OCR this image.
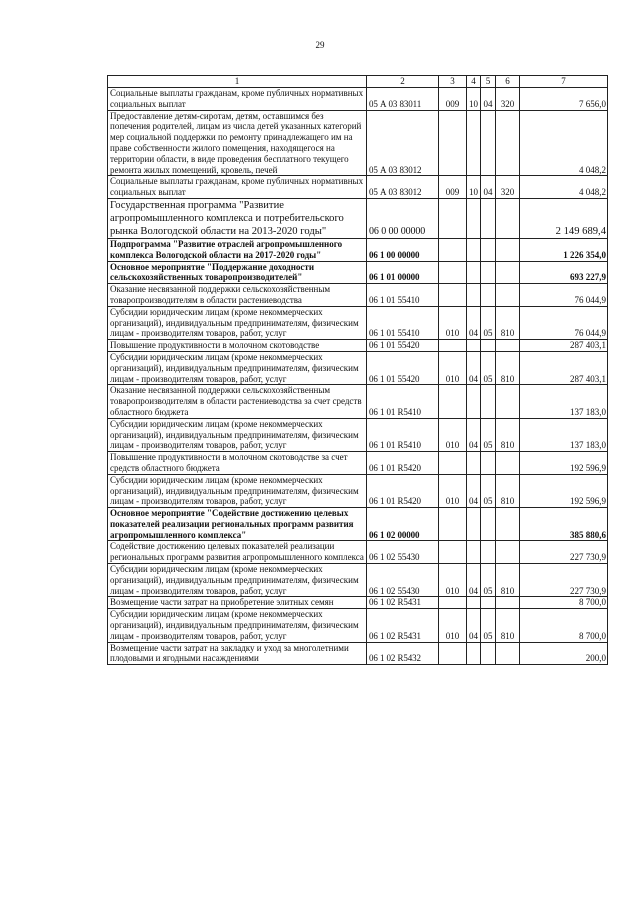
29
1	2	3	4	5	6	7
Социальные выплаты гражданам, кроме публичных нормативных социальных выплат	05 А 03 83011	009	10	04	320	7 656,0
Предоставление детям-сиротам, детям, оставшимся без попечения родителей, лицам из числа детей указанных категорий мер социальной поддержки по ремонту принадлежащего им на праве собственности жилого помещения, находящегося на территории области, в виде проведения бесплатного текущего ремонта жилых помещений, кровель, печей	05 А 03 83012					4 048,2
Социальные выплаты гражданам, кроме публичных нормативных социальных выплат	05 А 03 83012	009	10	04	320	4 048,2
Государственная программа "Развитие агропромышленного комплекса и потребительского рынка Вологодской области на 2013-2020 годы"	06 0 00 00000					2 149 689,4
Подпрограмма "Развитие отраслей агропромышленного комплекса Вологодской области на 2017-2020 годы"	06 1 00 00000					1 226 354,0
Основное мероприятие "Поддержание доходности сельскохозяйственных товаропроизводителей"	06 1 01 00000					693 227,9
Оказание несвязанной поддержки сельскохозяйственным товаропроизводителям в области растениеводства	06 1 01 55410					76 044,9
Субсидии юридическим лицам (кроме некоммерческих организаций), индивидуальным предпринимателям, физическим лицам - производителям товаров, работ, услуг	06 1 01 55410	010	04	05	810	76 044,9
Повышение продуктивности в молочном скотоводстве	06 1 01 55420					287 403,1
Субсидии юридическим лицам (кроме некоммерческих организаций), индивидуальным предпринимателям, физическим лицам - производителям товаров, работ, услуг	06 1 01 55420	010	04	05	810	287 403,1
Оказание несвязанной поддержки сельскохозяйственным товаропроизводителям в области растениеводства за счет средств областного бюджета	06 1 01 R5410					137 183,0
Субсидии юридическим лицам (кроме некоммерческих организаций), индивидуальным предпринимателям, физическим лицам - производителям товаров, работ, услуг	06 1 01 R5410	010	04	05	810	137 183,0
Повышение продуктивности в молочном скотоводстве за счет средств областного бюджета	06 1 01 R5420					192 596,9
Субсидии юридическим лицам (кроме некоммерческих организаций), индивидуальным предпринимателям, физическим лицам - производителям товаров, работ, услуг	06 1 01 R5420	010	04	05	810	192 596,9
Основное мероприятие "Содействие достижению целевых показателей реализации региональных программ развития агропромышленного комплекса"	06 1 02 00000					385 880,6
Содействие достижению целевых показателей реализации региональных программ развития агропромышленного комплекса	06 1 02 55430					227 730,9
Субсидии юридическим лицам (кроме некоммерческих организаций), индивидуальным предпринимателям, физическим лицам - производителям товаров, работ, услуг	06 1 02 55430	010	04	05	810	227 730,9
Возмещение части затрат на приобретение элитных семян	06 1 02 R5431					8 700,0
Субсидии юридическим лицам (кроме некоммерческих организаций), индивидуальным предпринимателям, физическим лицам - производителям товаров, работ, услуг	06 1 02 R5431	010	04	05	810	8 700,0
Возмещение части затрат на закладку и уход за многолетними плодовыми и ягодными насаждениями	06 1 02 R5432					200,0
